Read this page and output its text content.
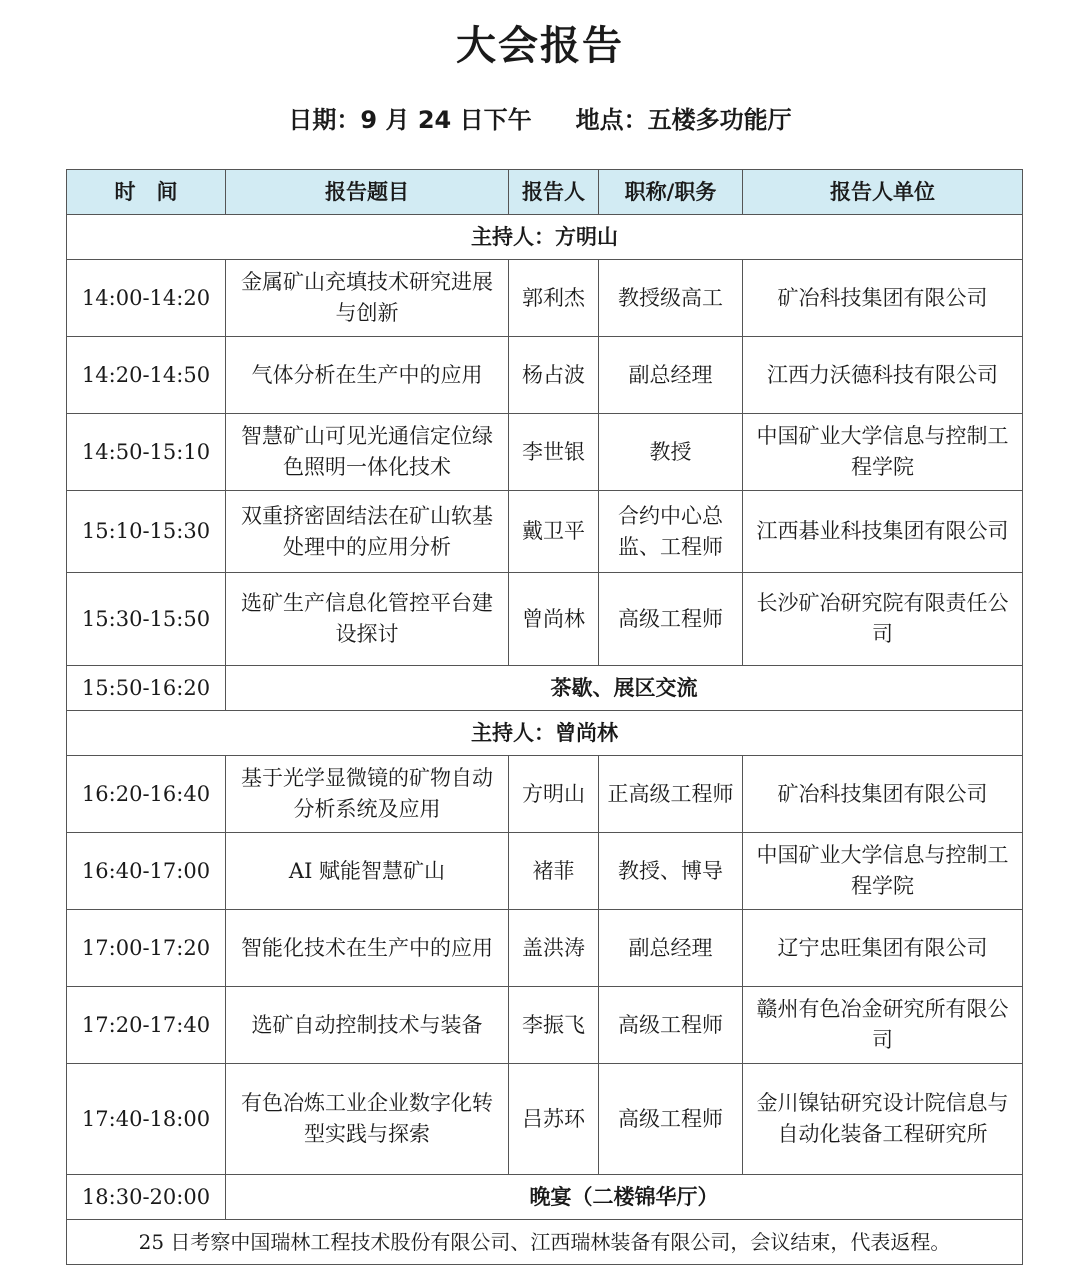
大会报告
日期：9 月 24 日下午 地点：五楼多功能厅
时　间	报告题目	报告人	职称/职务	报告人单位
主持人：方明山				
14:00-14:20	金属矿山充填技术研究进展与创新	郭利杰	教授级高工	矿冶科技集团有限公司
14:20-14:50	气体分析在生产中的应用	杨占波	副总经理	江西力沃德科技有限公司
14:50-15:10	智慧矿山可见光通信定位绿色照明一体化技术	李世银	教授	中国矿业大学信息与控制工程学院
15:10-15:30	双重挤密固结法在矿山软基处理中的应用分析	戴卫平	合约中心总监、工程师	江西碁业科技集团有限公司
15:30-15:50	选矿生产信息化管控平台建设探讨	曾尚林	高级工程师	长沙矿冶研究院有限责任公司
15:50-16:20	茶歇、展区交流			
主持人：曾尚林				
16:20-16:40	基于光学显微镜的矿物自动分析系统及应用	方明山	正高级工程师	矿冶科技集团有限公司
16:40-17:00	AI 赋能智慧矿山	褚菲	教授、博导	中国矿业大学信息与控制工程学院
17:00-17:20	智能化技术在生产中的应用	盖洪涛	副总经理	辽宁忠旺集团有限公司
17:20-17:40	选矿自动控制技术与装备	李振飞	高级工程师	赣州有色冶金研究所有限公司
17:40-18:00	有色冶炼工业企业数字化转型实践与探索	吕苏环	高级工程师	金川镍钴研究设计院信息与自动化装备工程研究所
18:30-20:00	晚宴（二楼锦华厅）			
25 日考察中国瑞林工程技术股份有限公司、江西瑞林装备有限公司，会议结束，代表返程。				
